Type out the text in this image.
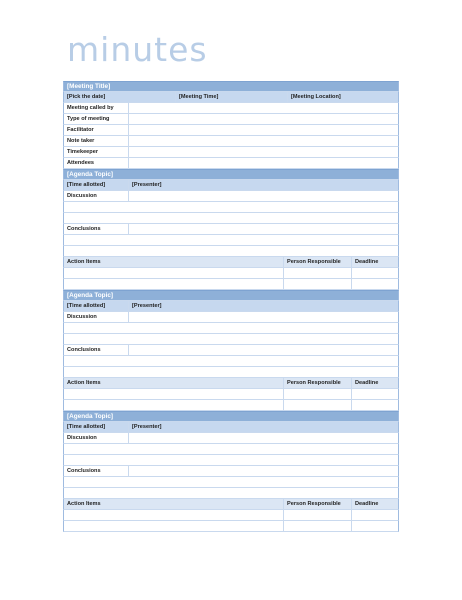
minutes
[Meeting Title]
[Pick the date]	[Meeting Time]	[Meeting Location]
Meeting called by
Type of meeting
Facilitator
Note taker
Timekeeper
Attendees
[Agenda Topic]
[Time allotted]	[Presenter]
Discussion
Conclusions
Action Items	Person Responsible	Deadline
[Agenda Topic]
[Time allotted]	[Presenter]
Discussion
Conclusions
Action Items	Person Responsible	Deadline
[Agenda Topic]
[Time allotted]	[Presenter]
Discussion
Conclusions
Action Items	Person Responsible	Deadline
